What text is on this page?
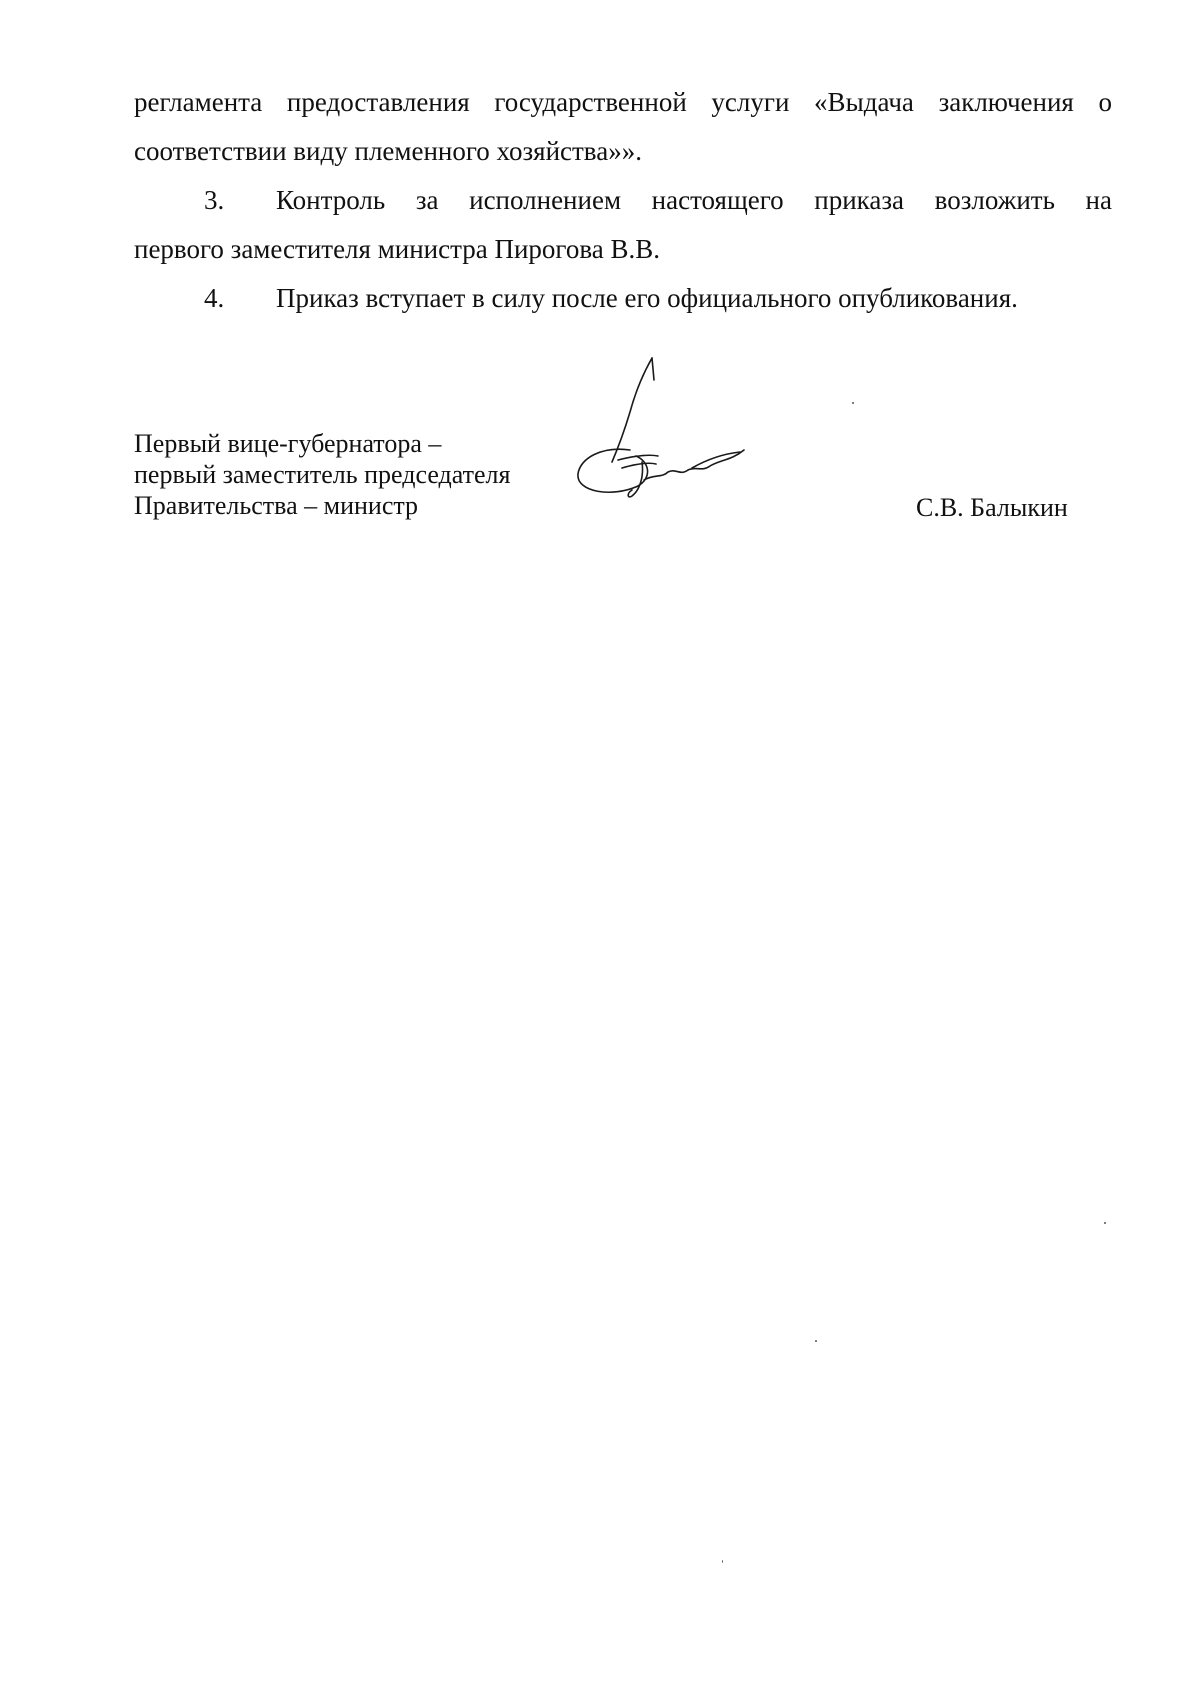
регламента предоставления государственной услуги «Выдача заключения о

соответствии виду племенного хозяйства»».

3.	Контроль за исполнением настоящего приказа возложить на

первого заместителя министра Пирогова В.В.

4.	Приказ вступает в силу после его официального опубликования.
Первый вице-губернатора –
первый заместитель председателя
Правительства – министр	С.В. Балыкин
